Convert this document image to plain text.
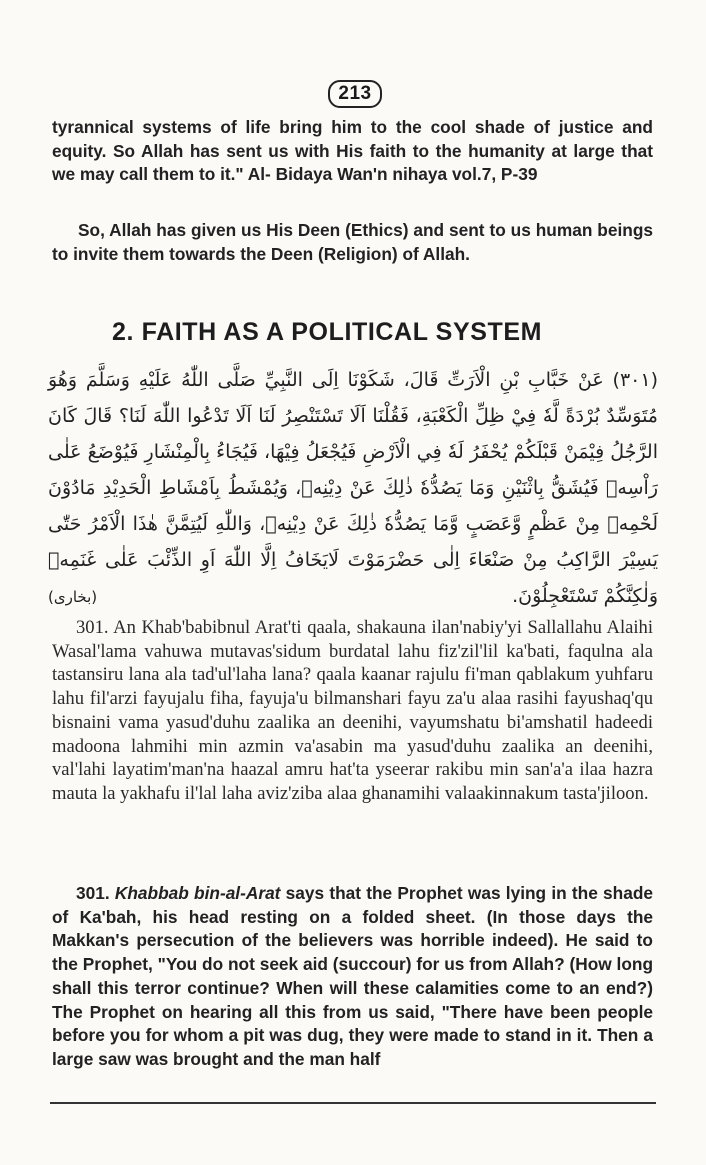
213

tyrannical systems of life bring him to the cool shade of justice and equity. So Allah has sent us with His faith to the humanity at large that we may call them to it." Al- Bidaya Wan'n nihaya vol.7, P-39

So, Allah has given us His Deen (Ethics) and sent to us human beings to invite them towards the Deen (Religion) of Allah.

2. FAITH AS A POLITICAL SYSTEM

(۳۰۱) عَنْ خَبَّابِ بْنِ الْاَرَتِّ قَالَ، شَكَوْنَا اِلَى النَّبِيِّ صَلَّى اللّٰهُ عَلَيْهِ وَسَلَّمَ وَهُوَ مُتَوَسِّدٌ بُرْدَةً لَّهٗ فِيْ ظِلِّ الْكَعْبَةِ، فَقُلْنَا اَلَا تَسْتَنْصِرُ لَنَا اَلَا تَدْعُوا اللّٰهَ لَنَا؟ قَالَ كَانَ الرَّجُلُ فِيْمَنْ قَبْلَكُمْ يُحْفَرُ لَهٗ فِي الْاَرْضِ فَيُجْعَلُ فِيْهَا، فَيُجَاءُ بِالْمِنْشَارِ فَيُوْضَعُ عَلٰى رَاْسِهٖ فَيُشَقُّ بِاثْنَيْنِ وَمَا يَصُدُّهٗ ذٰلِكَ عَنْ دِيْنِهٖ، وَيُمْشَطُ بِاَمْشَاطِ الْحَدِيْدِ مَادُوْنَ لَحْمِهٖ مِنْ عَظْمٍ وَّعَصَبٍ وَّمَا يَصُدُّهٗ ذٰلِكَ عَنْ دِيْنِهٖ، وَاللّٰهِ لَيُتِمَّنَّ هٰذَا الْاَمْرُ حَتّٰى يَسِيْرَ الرَّاكِبُ مِنْ صَنْعَاءَ اِلٰى حَضْرَمَوْتَ لَايَخَافُ اِلَّا اللّٰهَ اَوِ الذِّئْبَ عَلٰى غَنَمِهٖ وَلٰكِنَّكُمْ تَسْتَعْجِلُوْنَ.

(بخاری)

301. An Khab'babibnul Arat'ti qaala, shakauna ilan'nabiy'yi Sallallahu Alaihi Wasal'lama vahuwa mutavas'sidum burdatal lahu fiz'zil'lil ka'bati, faqulna ala tastansiru lana ala tad'ul'laha lana? qaala kaanar rajulu fi'man qablakum yuhfaru lahu fil'arzi fayujalu fiha, fayuja'u bilmanshari fayu za'u alaa rasihi fayushaq'qu bisnaini vama yasud'duhu zaalika an deenihi, vayumshatu bi'amshatil hadeedi madoona lahmihi min azmin va'asabin ma yasud'duhu zaalika an deenihi, val'lahi layatim'man'na haazal amru hat'ta yseerar rakibu min san'a'a ilaa hazra mauta la yakhafu il'lal laha aviz'ziba alaa ghanamihi valaakinnakum tasta'jiloon.

301. Khabbab bin-al-Arat says that the Prophet was lying in the shade of Ka'bah, his head resting on a folded sheet. (In those days the Makkan's persecution of the believers was horrible indeed). He said to the Prophet, "You do not seek aid (succour) for us from Allah? (How long shall this terror continue? When will these calamities come to an end?) The Prophet on hearing all this from us said, "There have been people before you for whom a pit was dug, they were made to stand in it. Then a large saw was brought and the man half
